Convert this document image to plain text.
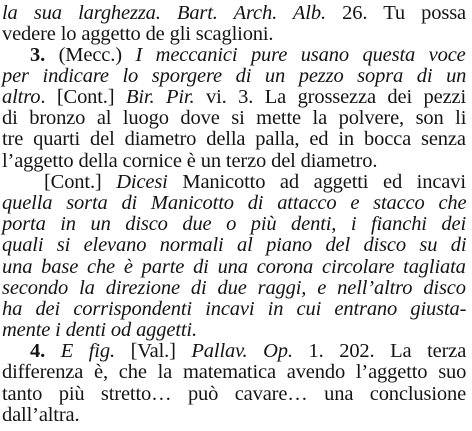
la sua larghezza. Bart. Arch. Alb. 26. Tu possa
vedere lo aggetto de gli scaglioni.
3. (Mecc.) I meccanici pure usano questa voce
per indicare lo sporgere di un pezzo sopra di un
altro. [Cont.] Bir. Pir. vi. 3. La grossezza dei pezzi
di bronzo al luogo dove si mette la polvere, son li
tre quarti del diametro della palla, ed in bocca senza
l’aggetto della cornice è un terzo del diametro.
[Cont.] Dicesi Manicotto ad aggetti ed incavi
quella sorta di Manicotto di attacco e stacco che
porta in un disco due o più denti, i fianchi dei
quali si elevano normali al piano del disco su di
una base che è parte di una corona circolare tagliata
secondo la direzione di due raggi, e nell’altro disco
ha dei corrispondenti incavi in cui entrano giusta-
mente i denti od aggetti.
4. E fig. [Val.] Pallav. Op. 1. 202. La terza
differenza è, che la matematica avendo l’aggetto suo
tanto più stretto… può cavare… una conclusione
dall’altra.
